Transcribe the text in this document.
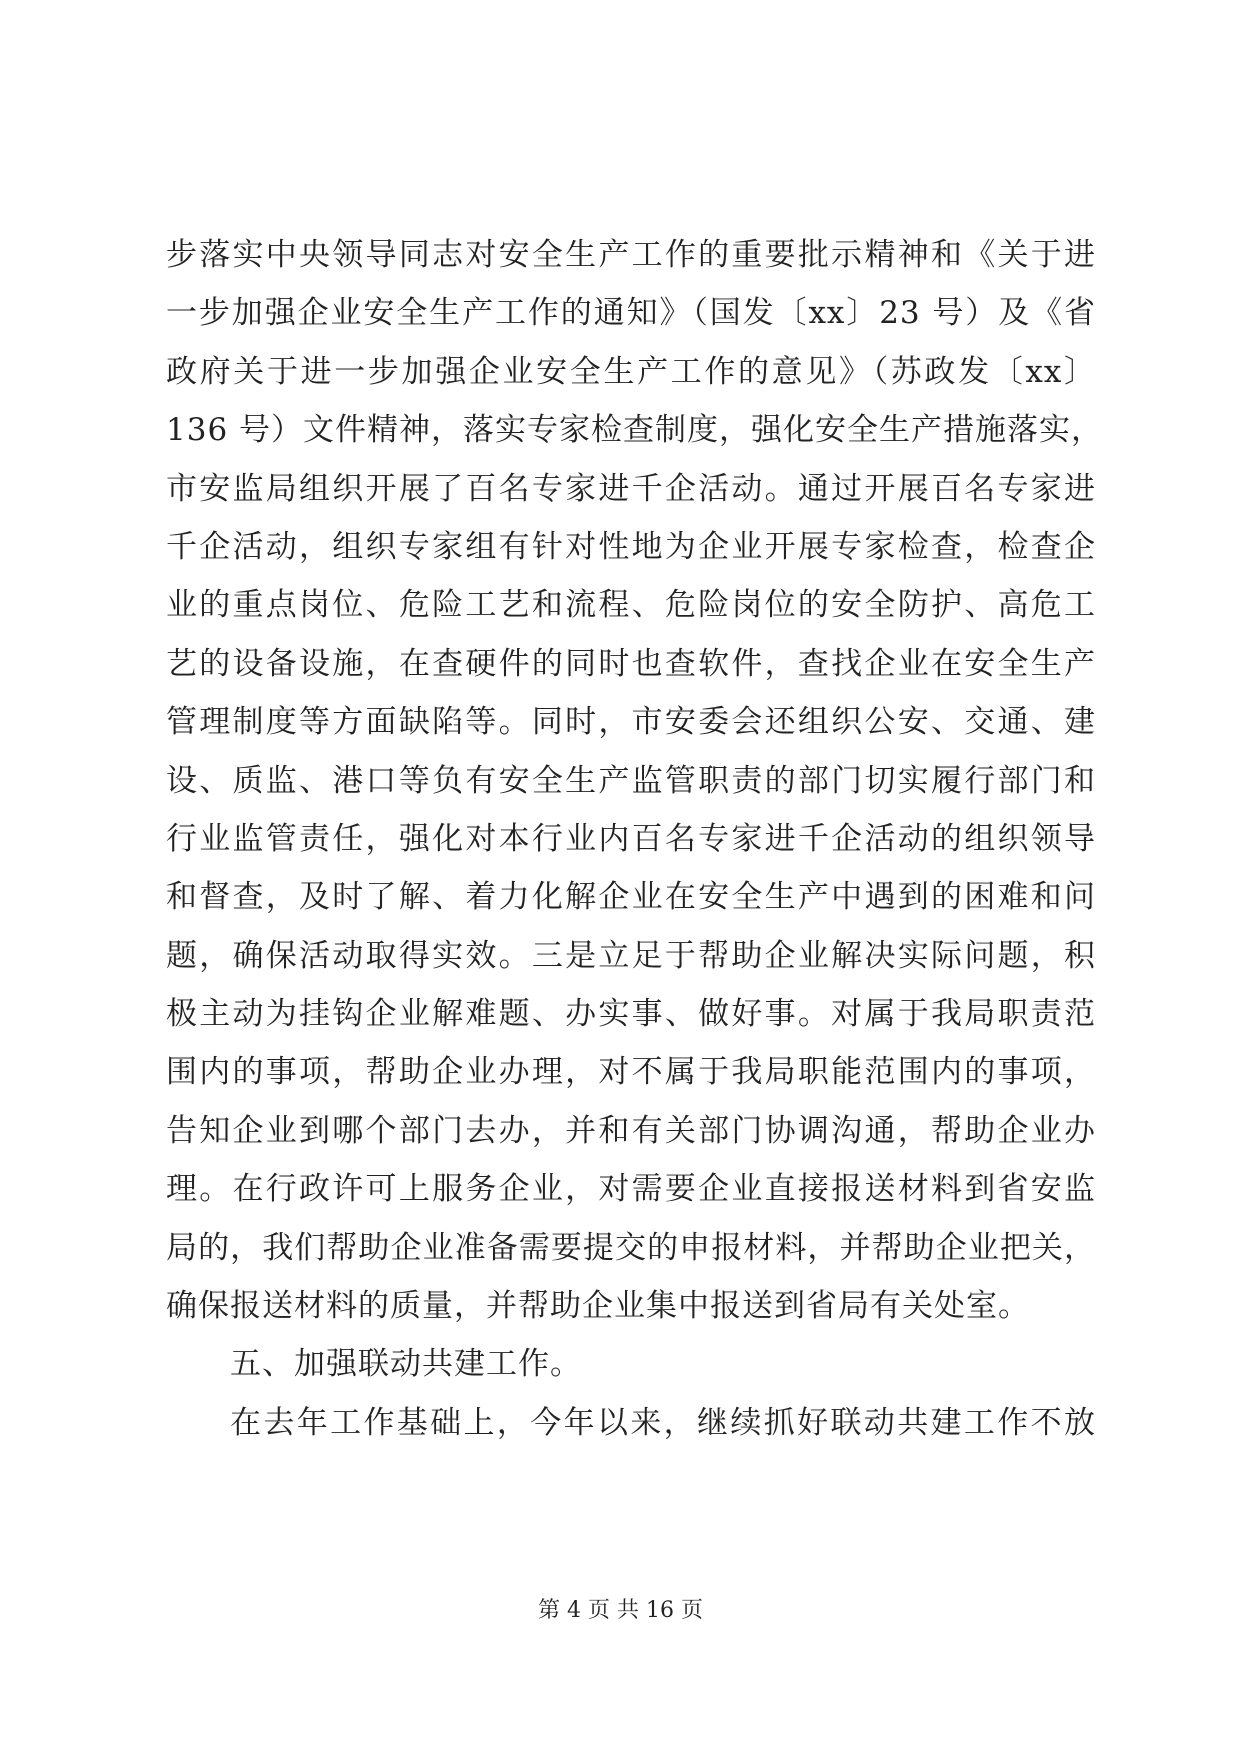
步落实中央领导同志对安全生产工作的重要批示精神和《关于进
一步加强企业安全生产工作的通知》（国发〔xx〕23 号）及《省
政府关于进一步加强企业安全生产工作的意见》（苏政发〔xx〕
136 号）文件精神，落实专家检查制度，强化安全生产措施落实，
市安监局组织开展了百名专家进千企活动。通过开展百名专家进
千企活动，组织专家组有针对性地为企业开展专家检查，检查企
业的重点岗位、危险工艺和流程、危险岗位的安全防护、高危工
艺的设备设施，在查硬件的同时也查软件，查找企业在安全生产
管理制度等方面缺陷等。同时，市安委会还组织公安、交通、建
设、质监、港口等负有安全生产监管职责的部门切实履行部门和
行业监管责任，强化对本行业内百名专家进千企活动的组织领导
和督查，及时了解、着力化解企业在安全生产中遇到的困难和问
题，确保活动取得实效。三是立足于帮助企业解决实际问题，积
极主动为挂钩企业解难题、办实事、做好事。对属于我局职责范
围内的事项，帮助企业办理，对不属于我局职能范围内的事项，
告知企业到哪个部门去办，并和有关部门协调沟通，帮助企业办
理。在行政许可上服务企业，对需要企业直接报送材料到省安监
局的，我们帮助企业准备需要提交的申报材料，并帮助企业把关，
确保报送材料的质量，并帮助企业集中报送到省局有关处室。
五、加强联动共建工作。
在去年工作基础上，今年以来，继续抓好联动共建工作不放
第 4 页 共 16 页
